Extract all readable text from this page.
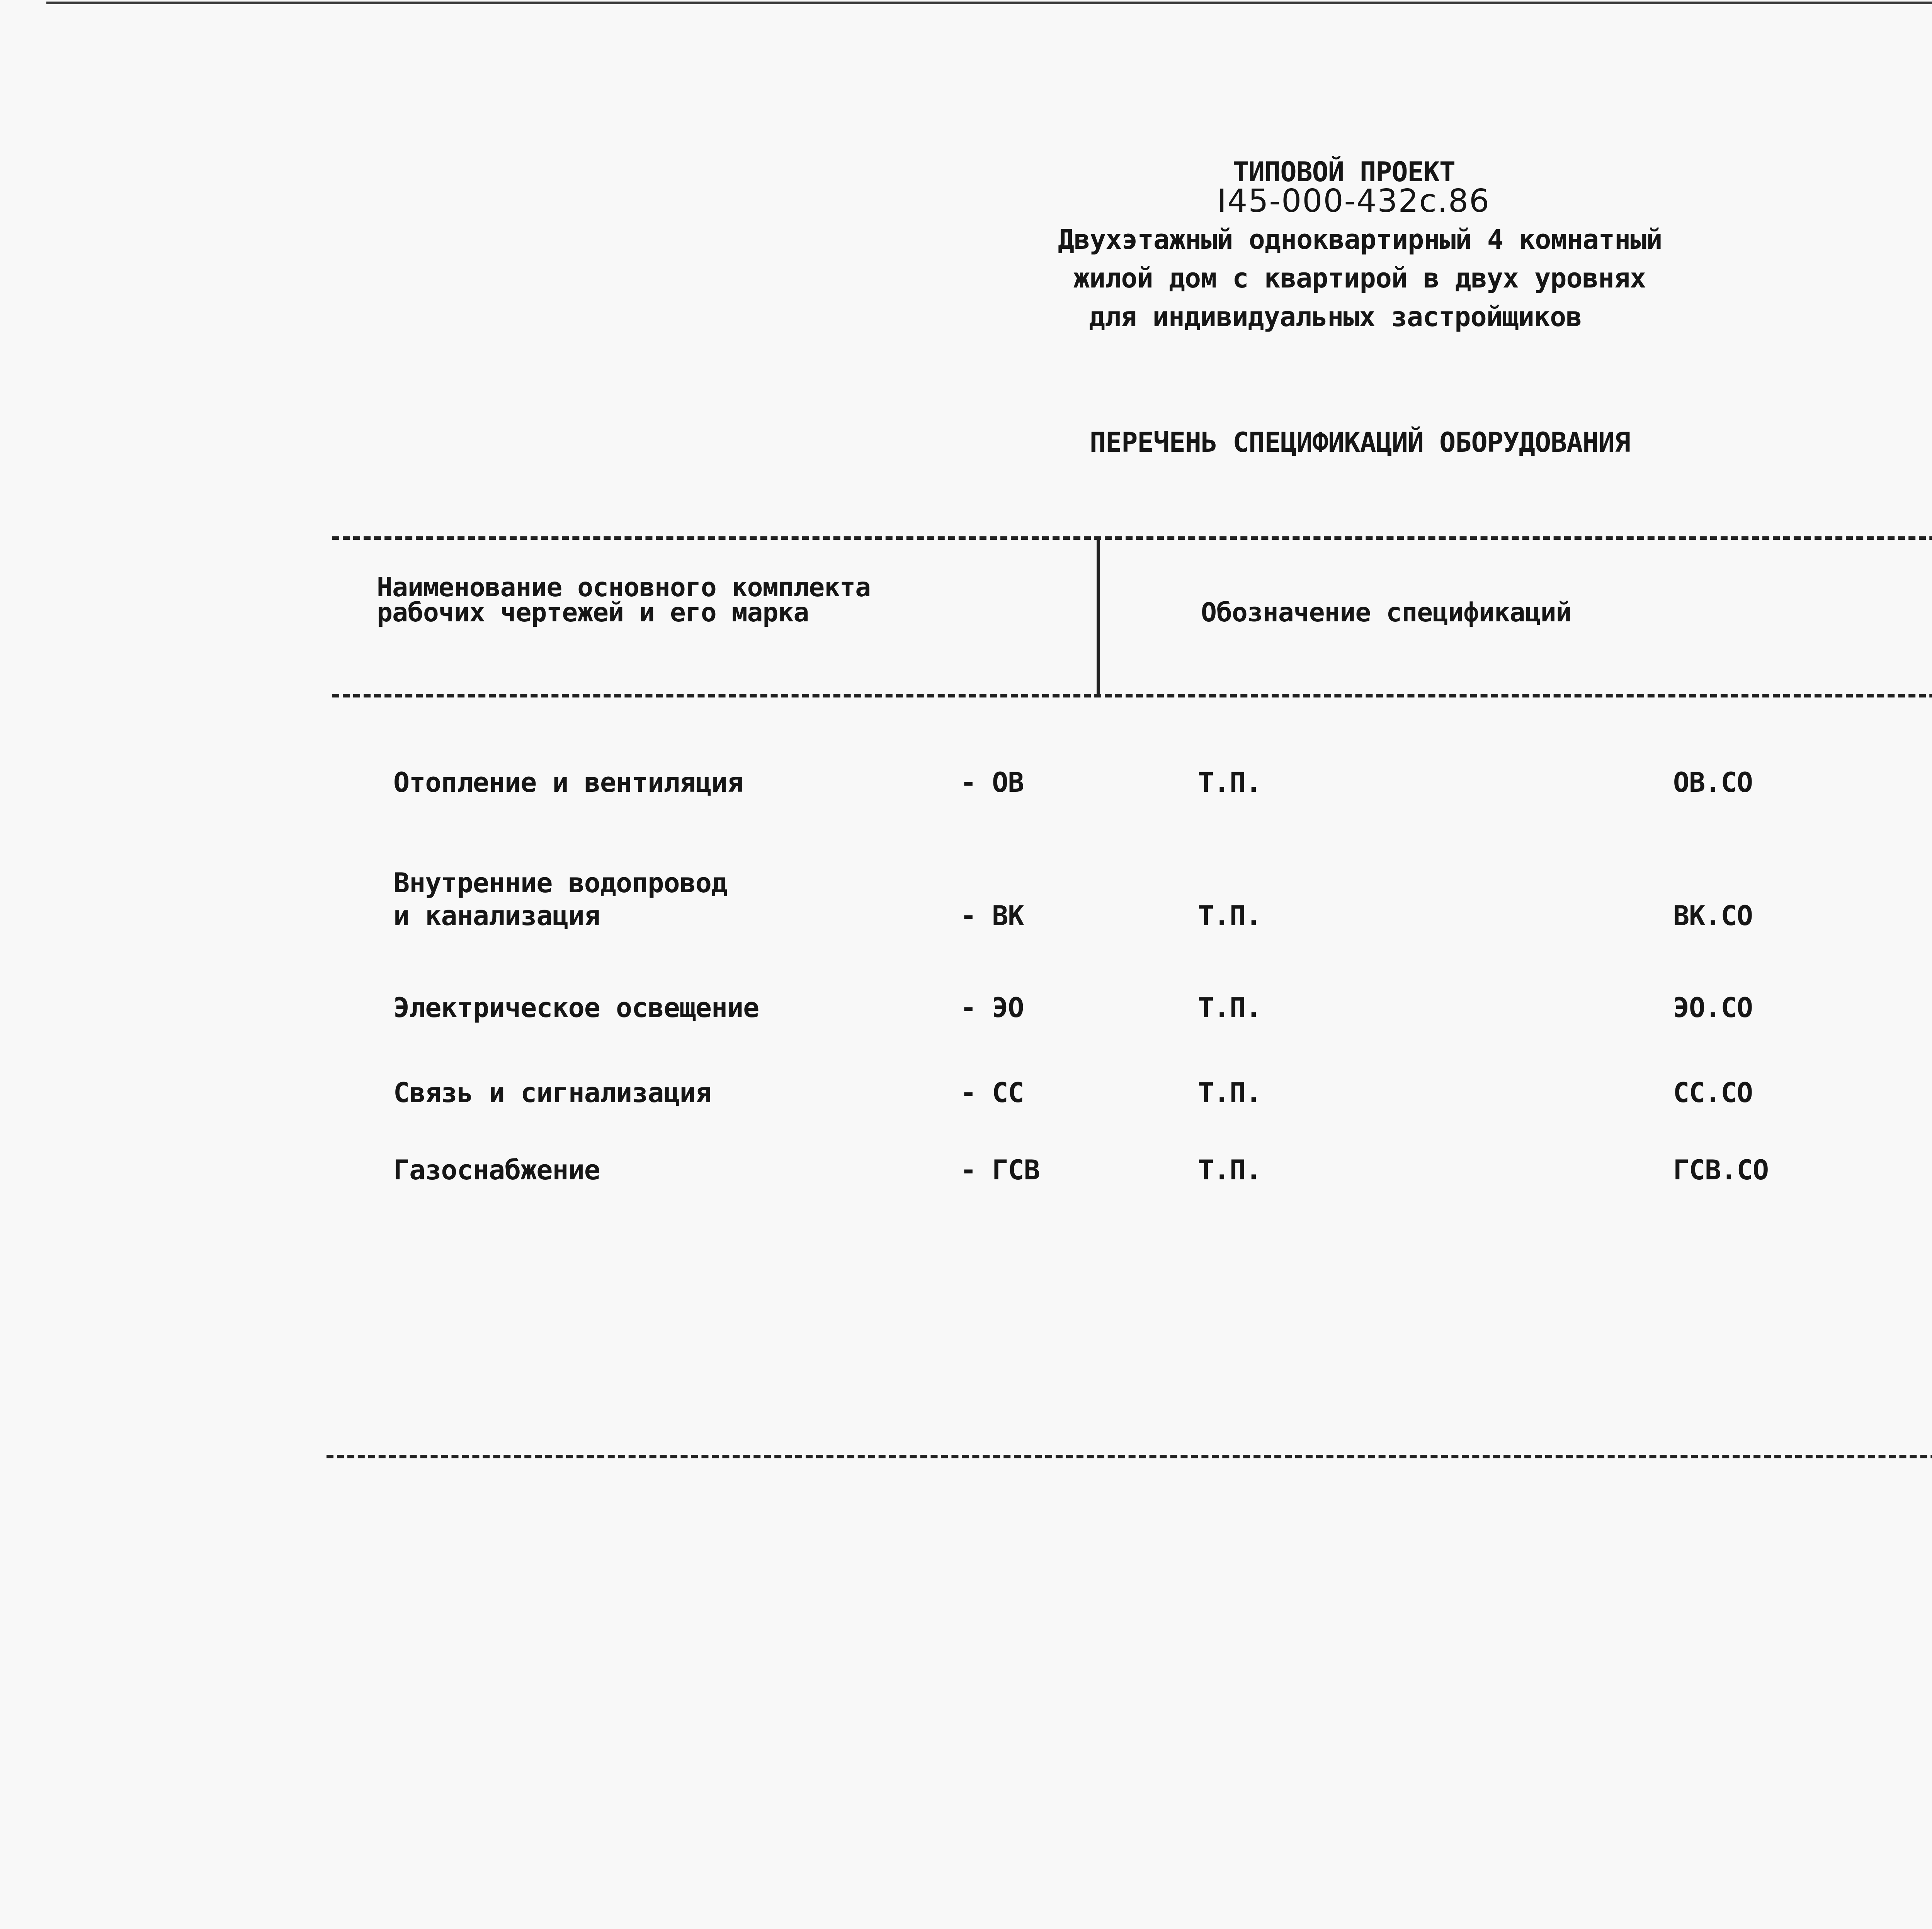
ТИПОВОЙ ПРОЕКТ
I45-000-432с.86
Двухэтажный одноквартирный 4 комнатный
жилой дом с квартирой в двух уровнях
для индивидуальных застройщиков
ПЕРЕЧЕНЬ СПЕЦИФИКАЦИЙ ОБОРУДОВАНИЯ
Наименование основного комплекта
рабочих чертежей и его марка	Обозначение спецификаций
Отопление и вентиляция	- ОВ	Т.П.	ОВ.СО
Внутренние водопровод
и канализация	- ВК	Т.П.	ВК.СО
Электрическое освещение	- ЭО	Т.П.	ЭО.СО
Связь и сигнализация	- СС	Т.П.	СС.СО
Газоснабжение	- ГСВ	Т.П.	ГСВ.СО
